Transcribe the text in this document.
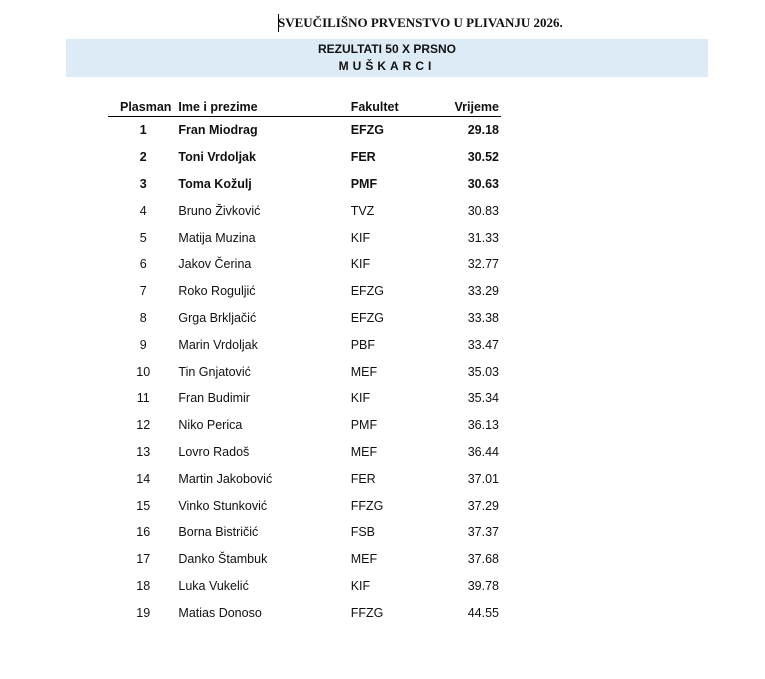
SVEUČILIŠNO PRVENSTVO U PLIVANJU 2026.
REZULTATI 50 X PRSNO
MUŠKARCI
Plasman	Ime i prezime	Fakultet	Vrijeme
1	Fran Miodrag	EFZG	29.18
2	Toni Vrdoljak	FER	30.52
3	Toma Kožulj	PMF	30.63
4	Bruno Živković	TVZ	30.83
5	Matija Muzina	KIF	31.33
6	Jakov Čerina	KIF	32.77
7	Roko Roguljić	EFZG	33.29
8	Grga Brkljačić	EFZG	33.38
9	Marin Vrdoljak	PBF	33.47
10	Tin Gnjatović	MEF	35.03
11	Fran Budimir	KIF	35.34
12	Niko Perica	PMF	36.13
13	Lovro Radoš	MEF	36.44
14	Martin Jakobović	FER	37.01
15	Vinko Stunković	FFZG	37.29
16	Borna Bistričić	FSB	37.37
17	Danko Štambuk	MEF	37.68
18	Luka Vukelić	KIF	39.78
19	Matias Donoso	FFZG	44.55
